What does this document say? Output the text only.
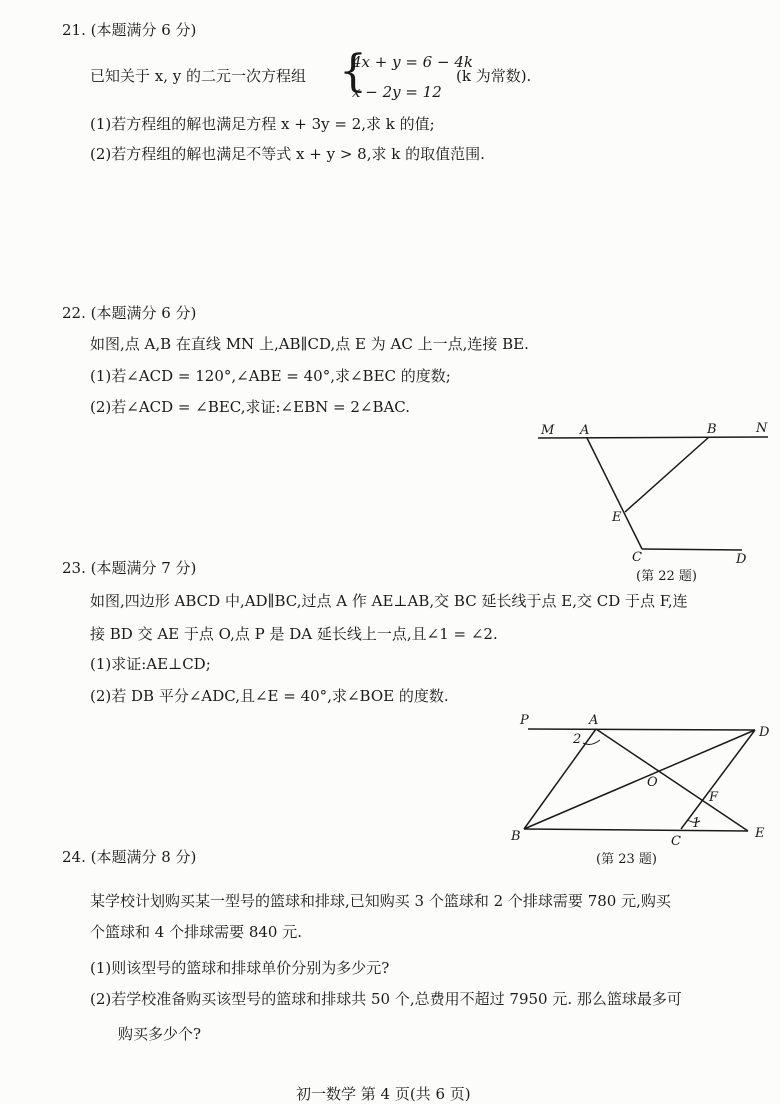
21. (本题满分 6 分)
已知关于 x, y 的二元一次方程组 {
4x + y = 6 − 4k
x − 2y = 12
(k 为常数).
(1)若方程组的解也满足方程 x + 3y = 2,求 k 的值;
(2)若方程组的解也满足不等式 x + y > 8,求 k 的取值范围.
22. (本题满分 6 分)
如图,点 A,B 在直线 MN 上,AB∥CD,点 E 为 AC 上一点,连接 BE.
(1)若∠ACD = 120°,∠ABE = 40°,求∠BEC 的度数;
(2)若∠ACD = ∠BEC,求证:∠EBN = 2∠BAC.
M A	B	N
E
C	D
(第 22 题)
23. (本题满分 7 分)
如图,四边形 ABCD 中,AD∥BC,过点 A 作 AE⊥AB,交 BC 延长线于点 E,交 CD 于点 F,连
接 BD 交 AE 于点 O,点 P 是 DA 延长线上一点,且∠1 = ∠2.
(1)求证:AE⊥CD;
(2)若 DB 平分∠ADC,且∠E = 40°,求∠BOE 的度数.
P	A
D
2
O
F
1
B	C
E
(第 23 题)
24. (本题满分 8 分)
某学校计划购买某一型号的篮球和排球,已知购买 3 个篮球和 2 个排球需要 780 元,购买
个篮球和 4 个排球需要 840 元.
(1)则该型号的篮球和排球单价分别为多少元?
(2)若学校准备购买该型号的篮球和排球共 50 个,总费用不超过 7950 元. 那么篮球最多可
购买多少个?
初一数学 第 4 页(共 6 页)
